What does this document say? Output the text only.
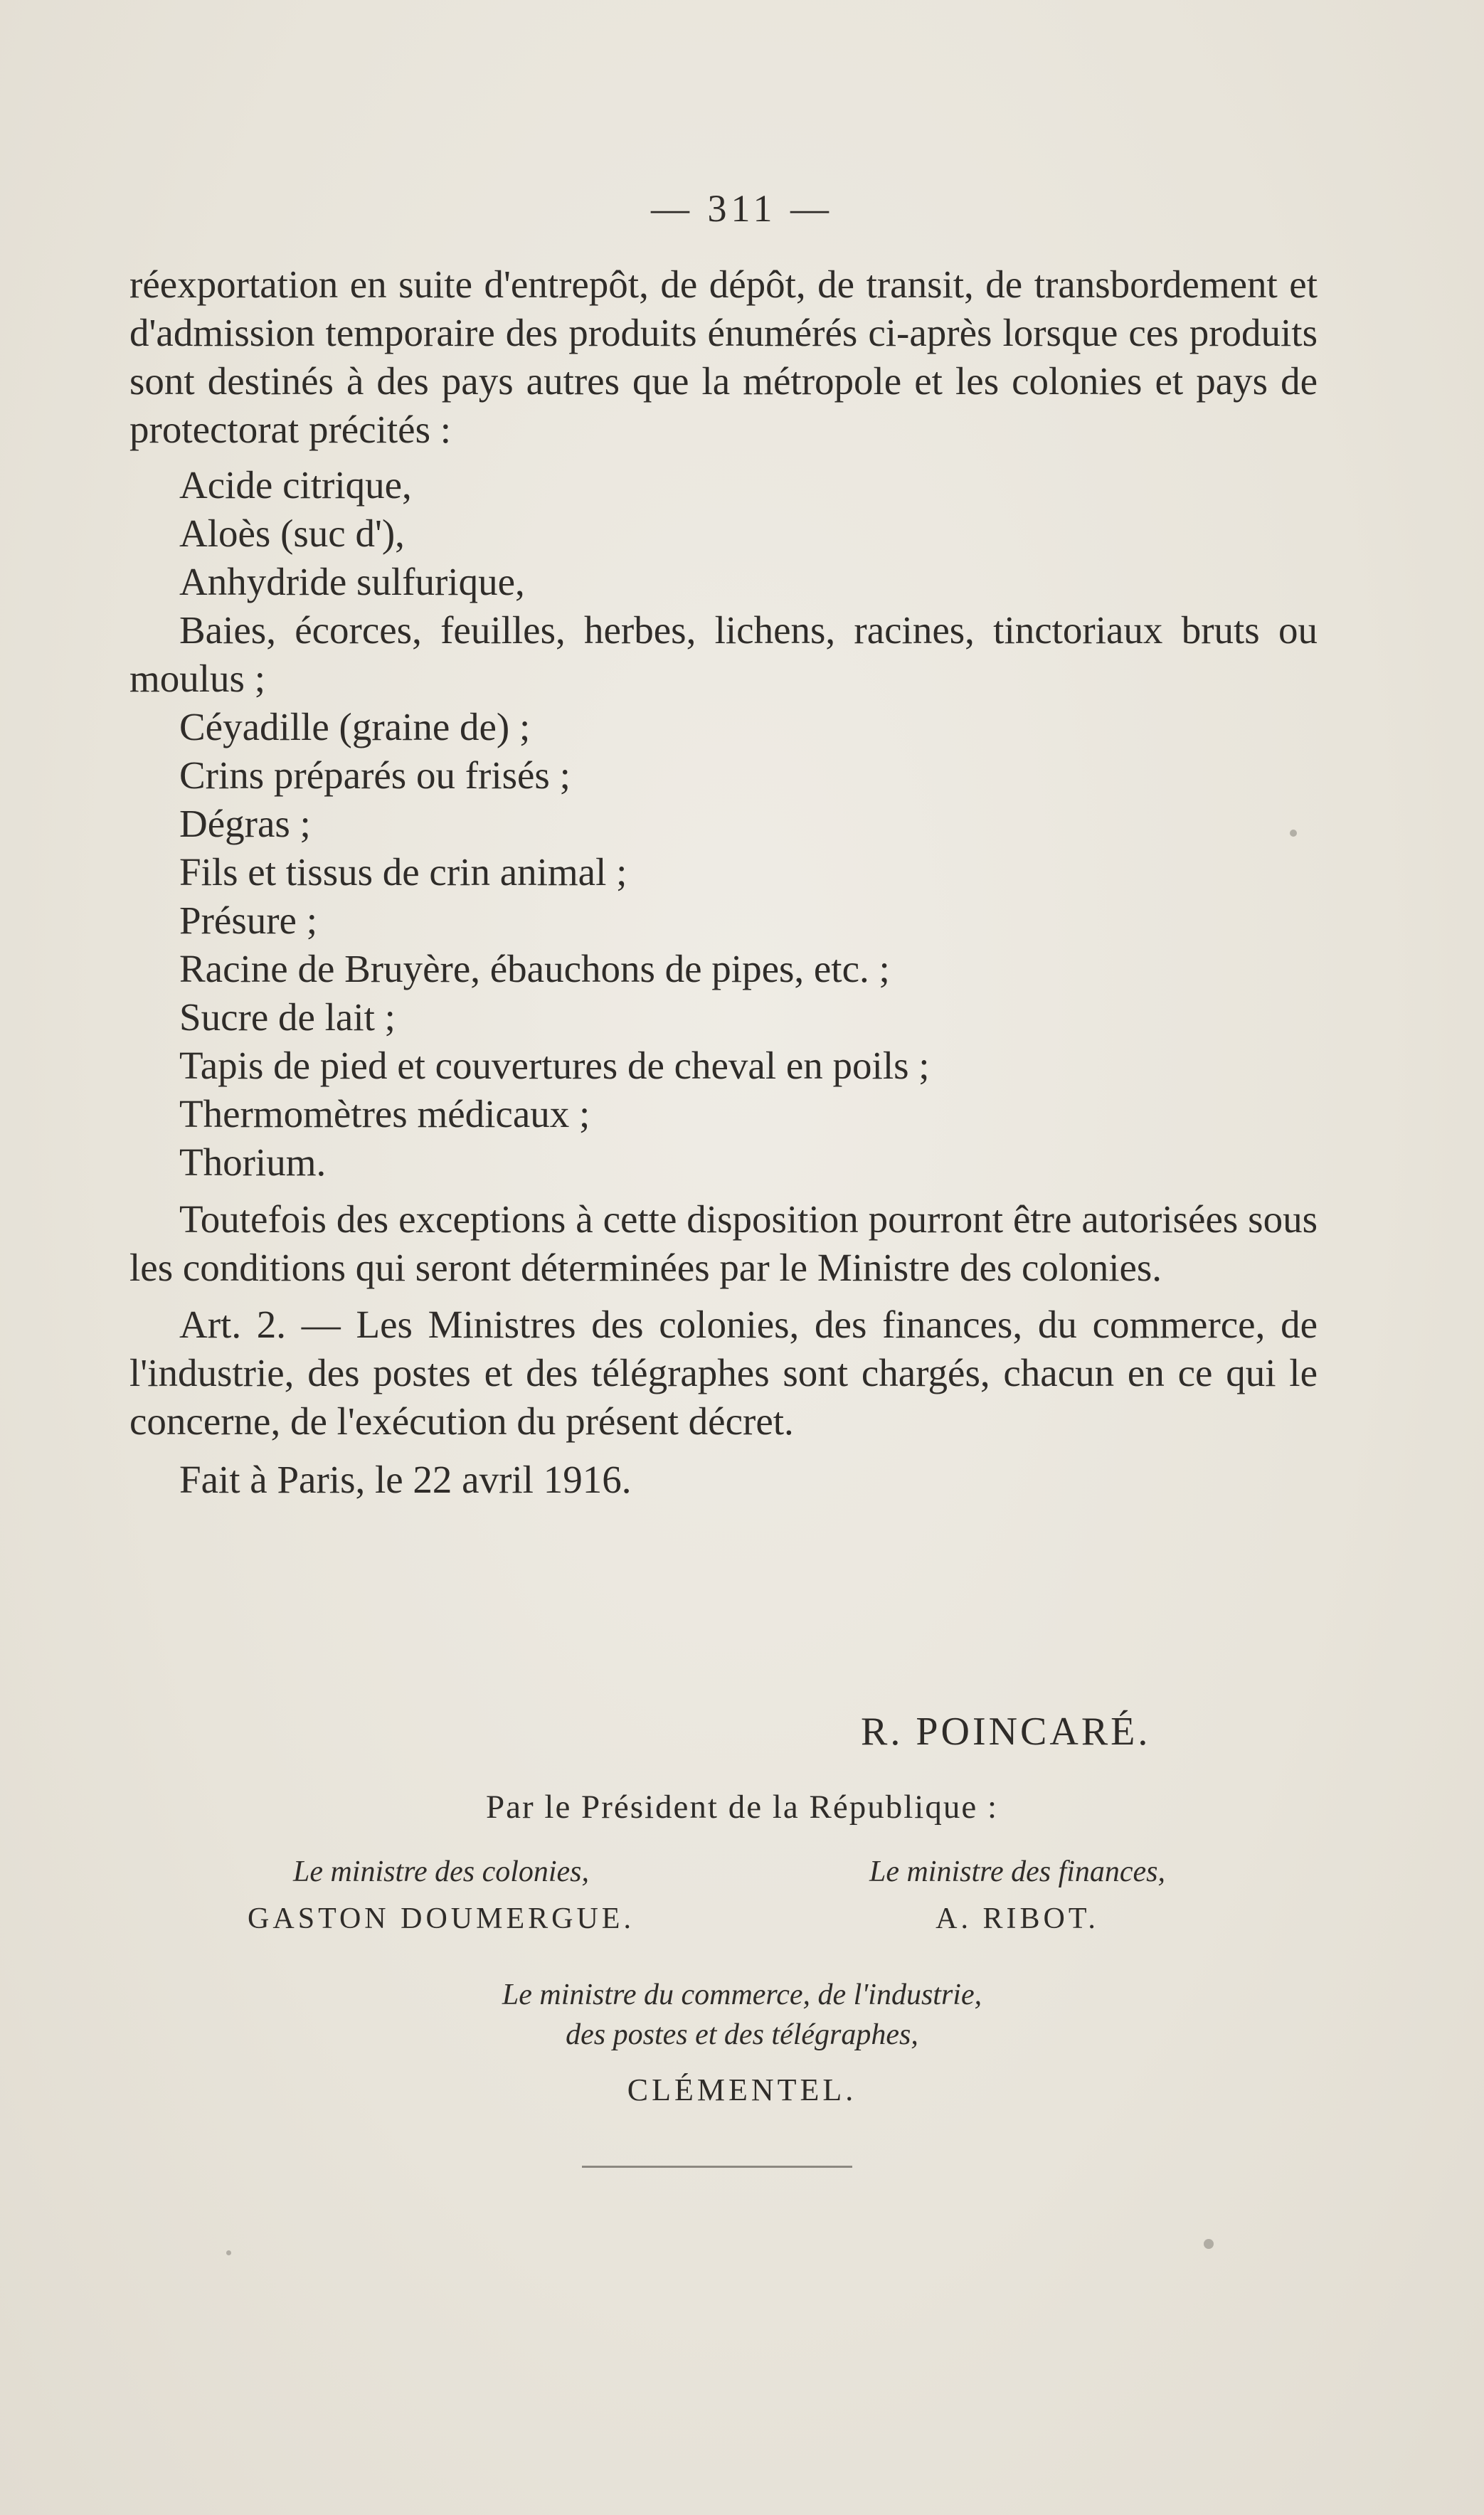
— 311 —

réexportation en suite d'entrepôt, de dépôt, de transit, de transbordement et d'admission temporaire des produits énumérés ci-après lorsque ces produits sont destinés à des pays autres que la métropole et les colonies et pays de protectorat précités :

Acide citrique,

Aloès (suc d'),

Anhydride sulfurique,

Baies, écorces, feuilles, herbes, lichens, racines, tinctoriaux bruts ou moulus ;

Céyadille (graine de) ;

Crins préparés ou frisés ;

Dégras ;

Fils et tissus de crin animal ;

Présure ;

Racine de Bruyère, ébauchons de pipes, etc. ;

Sucre de lait ;

Tapis de pied et couvertures de cheval en poils ;

Thermomètres médicaux ;

Thorium.

Toutefois des exceptions à cette disposition pourront être autorisées sous les conditions qui seront déterminées par le Ministre des colonies.

Art. 2. — Les Ministres des colonies, des finances, du commerce, de l'industrie, des postes et des télégraphes sont chargés, chacun en ce qui le concerne, de l'exécution du présent décret.

Fait à Paris, le 22 avril 1916.

R. POINCARÉ.
Par le Président de la République :
Le ministre des colonies,
GASTON DOUMERGUE.
Le ministre des finances,
A. RIBOT.
Le ministre du commerce, de l'industrie,
des postes et des télégraphes,
CLÉMENTEL.
